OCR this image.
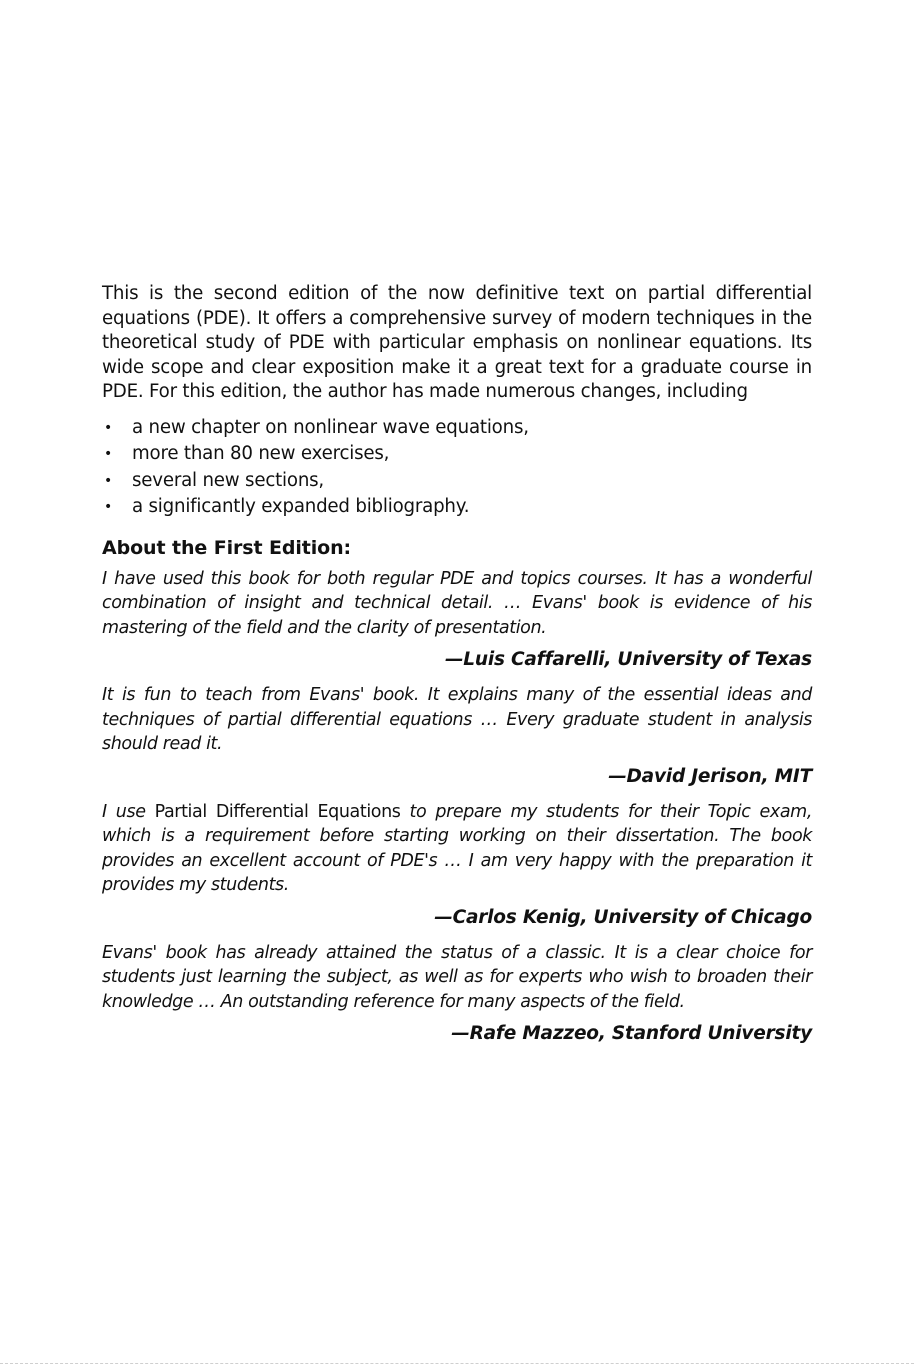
This is the second edition of the now definitive text on partial differential equations (PDE). It offers a comprehensive survey of modern techniques in the theoretical study of PDE with particular emphasis on nonlinear equations. Its wide scope and clear exposition make it a great text for a graduate course in PDE. For this edition, the author has made numerous changes, including

• a new chapter on nonlinear wave equations,
• more than 80 new exercises,
• several new sections,
• a significantly expanded bibliography.
About the First Edition:

I have used this book for both regular PDE and topics courses. It has a wonderful combination of insight and technical detail. … Evans' book is evidence of his mastering of the field and the clarity of presentation.

—Luis Caffarelli, University of Texas

It is fun to teach from Evans' book. It explains many of the essential ideas and techniques of partial differential equations … Every graduate student in analysis should read it.

—David Jerison, MIT

I use Partial Differential Equations to prepare my students for their Topic exam, which is a requirement before starting working on their dissertation. The book provides an excellent account of PDE's … I am very happy with the preparation it provides my students.

—Carlos Kenig, University of Chicago

Evans' book has already attained the status of a classic. It is a clear choice for students just learning the subject, as well as for experts who wish to broaden their knowledge … An outstanding reference for many aspects of the field.

—Rafe Mazzeo, Stanford University
